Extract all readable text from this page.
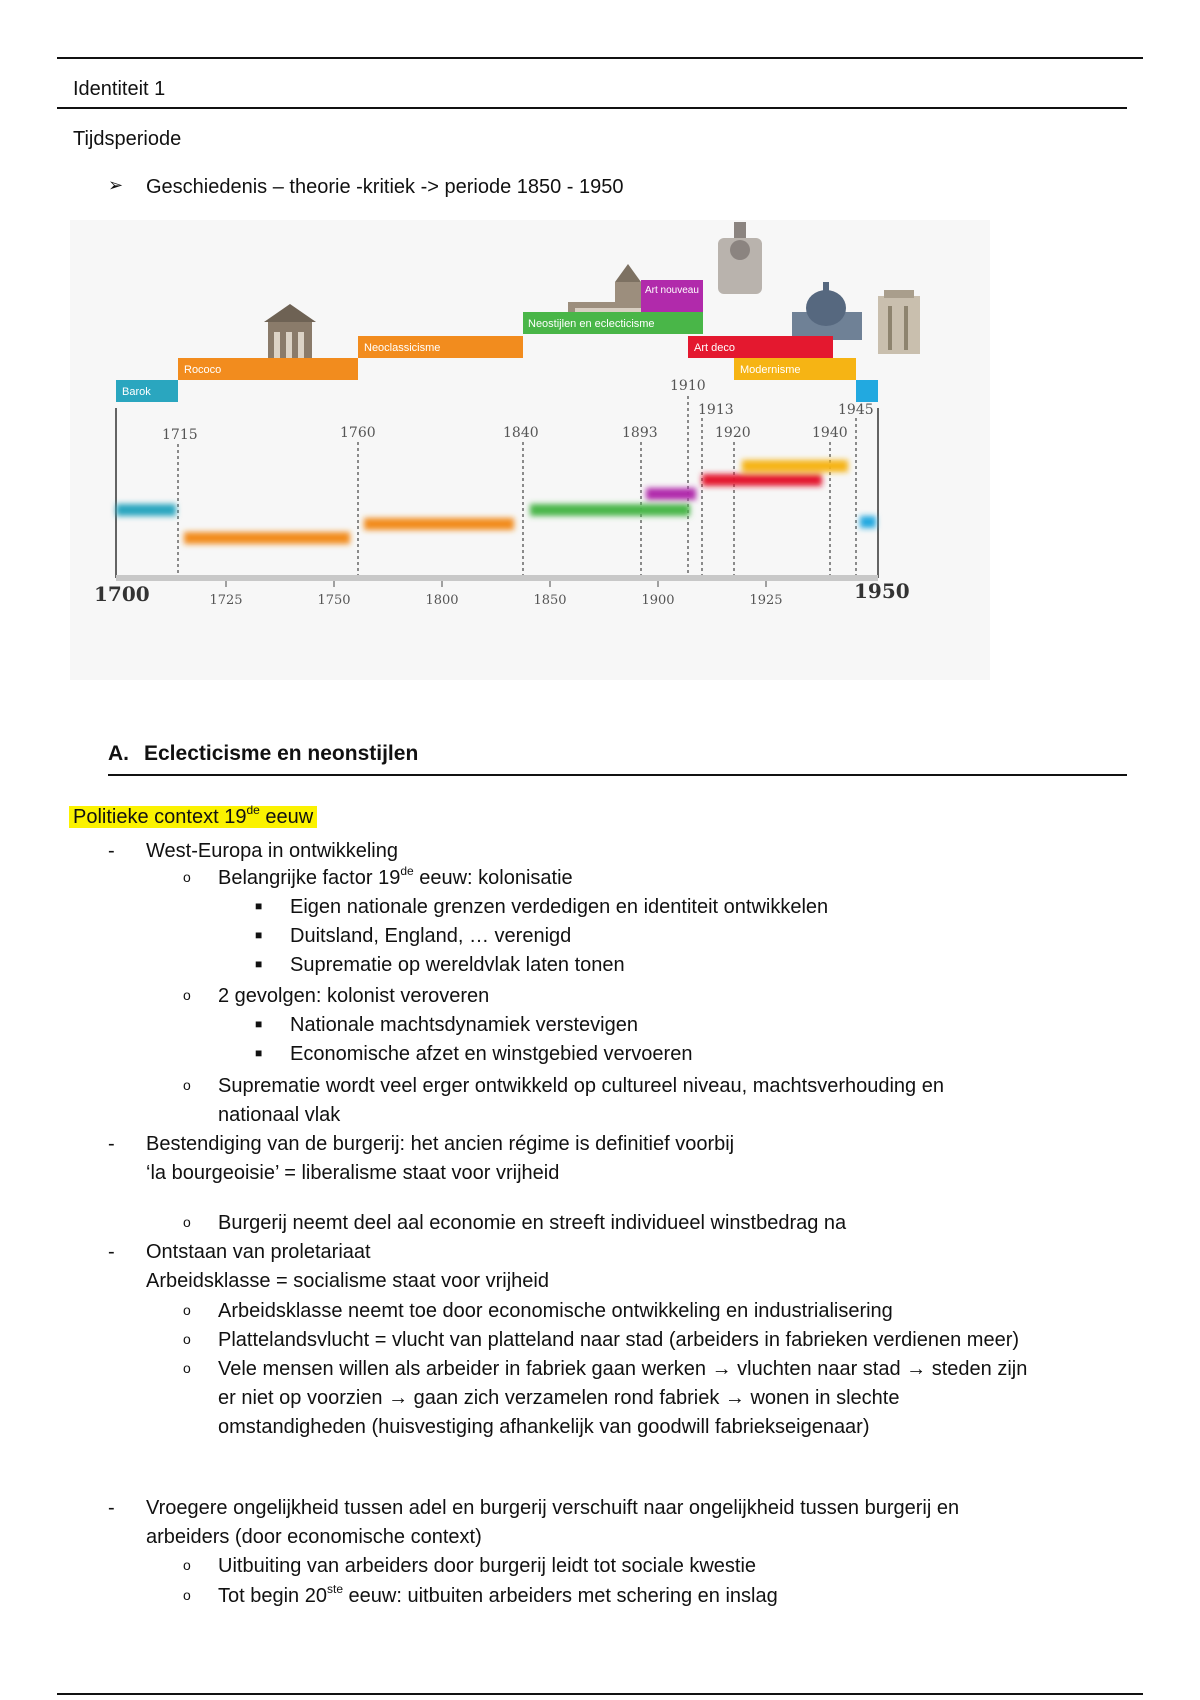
Identiteit 1
Tijdsperiode
➢ Geschiedenis – theorie -kritiek -> periode 1850 - 1950
Barok
Rococo
Neoclassicisme
Neostijlen en eclecticisme
Art nouveau
Art deco
Modernisme
1715	1760	1840	1893
1910
1913
1920	1940
1945
1725	1750	1800	1850	1900	1925
1700	1950
A. Eclecticisme en neonstijlen
Politieke context 19de eeuw
- West-Europa in ontwikkeling
o Belangrijke factor 19de eeuw: kolonisatie
■ Eigen nationale grenzen verdedigen en identiteit ontwikkelen
■ Duitsland, England, … verenigd
■ Suprematie op wereldvlak laten tonen
o 2 gevolgen: kolonist veroveren
■ Nationale machtsdynamiek verstevigen
■ Economische afzet en winstgebied vervoeren
o Suprematie wordt veel erger ontwikkeld op cultureel niveau, machtsverhouding en
nationaal vlak
- Bestendiging van de burgerij: het ancien régime is definitief voorbij
‘la bourgeoisie’ = liberalisme staat voor vrijheid
o Burgerij neemt deel aal economie en streeft individueel winstbedrag na
- Ontstaan van proletariaat
Arbeidsklasse = socialisme staat voor vrijheid
o Arbeidsklasse neemt toe door economische ontwikkeling en industrialisering
o Plattelandsvlucht = vlucht van platteland naar stad (arbeiders in fabrieken verdienen meer)
o Vele mensen willen als arbeider in fabriek gaan werken → vluchten naar stad → steden zijn
er niet op voorzien → gaan zich verzamelen rond fabriek → wonen in slechte
omstandigheden (huisvestiging afhankelijk van goodwill fabriekseigenaar)
- Vroegere ongelijkheid tussen adel en burgerij verschuift naar ongelijkheid tussen burgerij en
arbeiders (door economische context)
o Uitbuiting van arbeiders door burgerij leidt tot sociale kwestie
o Tot begin 20ste eeuw: uitbuiten arbeiders met schering en inslag
